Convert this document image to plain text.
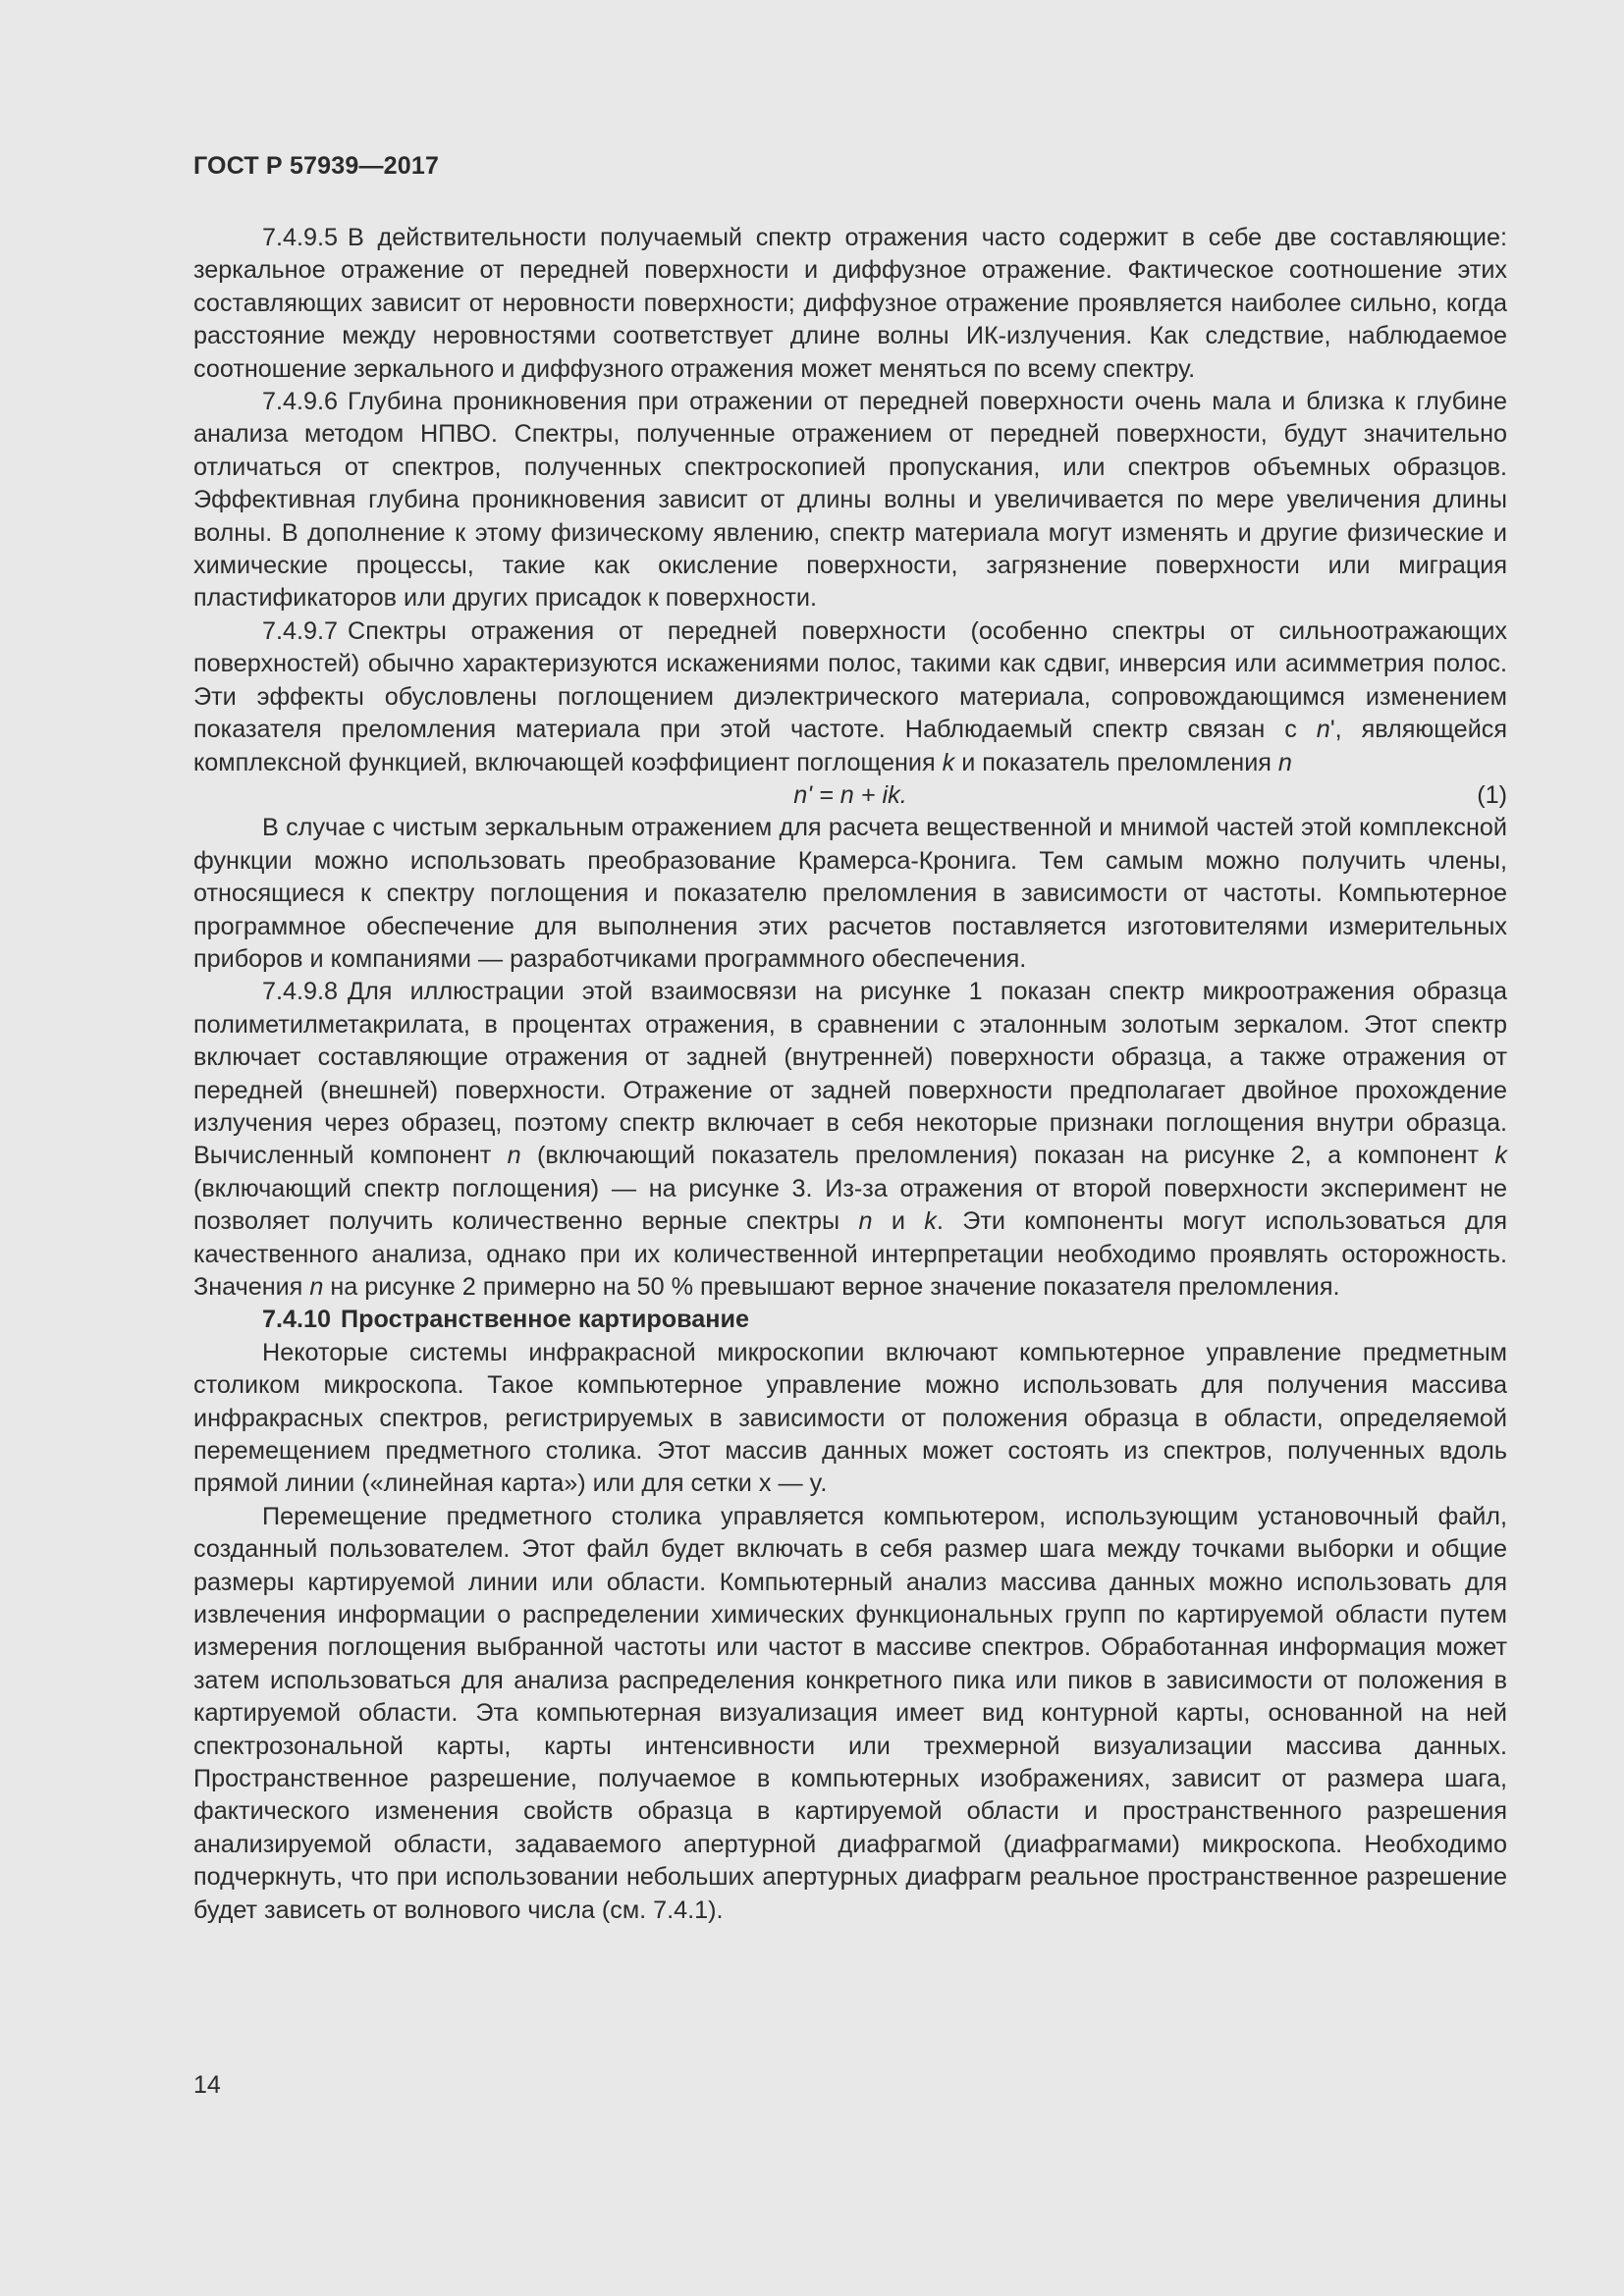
ГОСТ Р 57939—2017

7.4.9.5 В действительности получаемый спектр отражения часто содержит в себе две составляющие: зеркальное отражение от передней поверхности и диффузное отражение. Фактическое соотношение этих составляющих зависит от неровности поверхности; диффузное отражение проявляется наиболее сильно, когда расстояние между неровностями соответствует длине волны ИК-излучения. Как следствие, наблюдаемое соотношение зеркального и диффузного отражения может меняться по всему спектру.

7.4.9.6 Глубина проникновения при отражении от передней поверхности очень мала и близка к глубине анализа методом НПВО. Спектры, полученные отражением от передней поверхности, будут значительно отличаться от спектров, полученных спектроскопией пропускания, или спектров объемных образцов. Эффективная глубина проникновения зависит от длины волны и увеличивается по мере увеличения длины волны. В дополнение к этому физическому явлению, спектр материала могут изменять и другие физические и химические процессы, такие как окисление поверхности, загрязнение поверхности или миграция пластификаторов или других присадок к поверхности.

7.4.9.7 Спектры отражения от передней поверхности (особенно спектры от сильноотражающих поверхностей) обычно характеризуются искажениями полос, такими как сдвиг, инверсия или асимметрия полос. Эти эффекты обусловлены поглощением диэлектрического материала, сопровождающимся изменением показателя преломления материала при этой частоте. Наблюдаемый спектр связан с n', являющейся комплексной функцией, включающей коэффициент поглощения k и показатель преломления n

n' = n + ik.	(1)

В случае с чистым зеркальным отражением для расчета вещественной и мнимой частей этой комплексной функции можно использовать преобразование Крамерса-Кронига. Тем самым можно получить члены, относящиеся к спектру поглощения и показателю преломления в зависимости от частоты. Компьютерное программное обеспечение для выполнения этих расчетов поставляется изготовителями измерительных приборов и компаниями — разработчиками программного обеспечения.

7.4.9.8 Для иллюстрации этой взаимосвязи на рисунке 1 показан спектр микроотражения образца полиметилметакрилата, в процентах отражения, в сравнении с эталонным золотым зеркалом. Этот спектр включает составляющие отражения от задней (внутренней) поверхности образца, а также отражения от передней (внешней) поверхности. Отражение от задней поверхности предполагает двойное прохождение излучения через образец, поэтому спектр включает в себя некоторые признаки поглощения внутри образца. Вычисленный компонент n (включающий показатель преломления) показан на рисунке 2, а компонент k (включающий спектр поглощения) — на рисунке 3. Из-за отражения от второй поверхности эксперимент не позволяет получить количественно верные спектры n и k. Эти компоненты могут использоваться для качественного анализа, однако при их количественной интерпретации необходимо проявлять осторожность. Значения n на рисунке 2 примерно на 50 % превышают верное значение показателя преломления.

7.4.10 Пространственное картирование

Некоторые системы инфракрасной микроскопии включают компьютерное управление предметным столиком микроскопа. Такое компьютерное управление можно использовать для получения массива инфракрасных спектров, регистрируемых в зависимости от положения образца в области, определяемой перемещением предметного столика. Этот массив данных может состоять из спектров, полученных вдоль прямой линии («линейная карта») или для сетки x — y.

Перемещение предметного столика управляется компьютером, использующим установочный файл, созданный пользователем. Этот файл будет включать в себя размер шага между точками выборки и общие размеры картируемой линии или области. Компьютерный анализ массива данных можно использовать для извлечения информации о распределении химических функциональных групп по картируемой области путем измерения поглощения выбранной частоты или частот в массиве спектров. Обработанная информация может затем использоваться для анализа распределения конкретного пика или пиков в зависимости от положения в картируемой области. Эта компьютерная визуализация имеет вид контурной карты, основанной на ней спектрозональной карты, карты интенсивности или трехмерной визуализации массива данных. Пространственное разрешение, получаемое в компьютерных изображениях, зависит от размера шага, фактического изменения свойств образца в картируемой области и пространственного разрешения анализируемой области, задаваемого апертурной диафрагмой (диафрагмами) микроскопа. Необходимо подчеркнуть, что при использовании небольших апертурных диафрагм реальное пространственное разрешение будет зависеть от волнового числа (см. 7.4.1).

14
